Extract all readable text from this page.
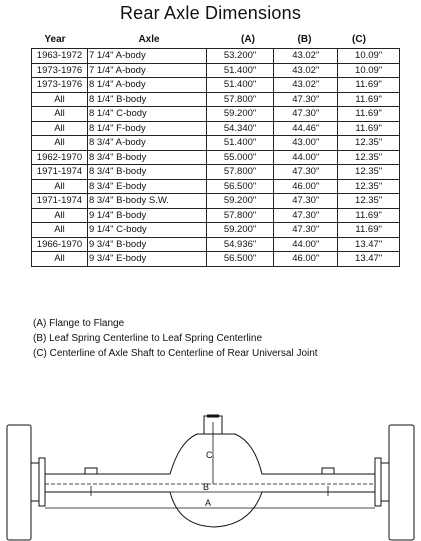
Rear Axle Dimensions
Year	Axle	(A)	(B)	(C)
1963-1972	7 1/4" A-body	53.200"	43.02"	10.09"
1973-1976	7 1/4" A-body	51.400"	43.02"	10.09"
1973-1976	8 1/4" A-body	51.400"	43.02"	11.69"
All	8 1/4" B-body	57.800"	47.30"	11.69"
All	8 1/4" C-body	59.200"	47.30"	11.69"
All	8 1/4" F-body	54.340"	44.46"	11.69"
All	8 3/4" A-body	51.400"	43.00"	12.35"
1962-1970	8 3/4" B-body	55.000"	44.00"	12.35"
1971-1974	8 3/4" B-body	57.800"	47.30"	12.35"
All	8 3/4" E-body	56.500"	46.00"	12.35"
1971-1974	8 3/4" B-body S.W.	59.200"	47.30"	12.35"
All	9 1/4" B-body	57.800"	47.30"	11.69"
All	9 1/4" C-body	59.200"	47.30"	11.69"
1966-1970	9 3/4" B-body	54.936"	44.00"	13.47"
All	9 3/4" E-body	56.500"	46.00"	13.47"
(A) Flange to Flange
(B) Leaf Spring Centerline to Leaf Spring Centerline
(C) Centerline of Axle Shaft to Centerline of Rear Universal Joint
C
B
A
